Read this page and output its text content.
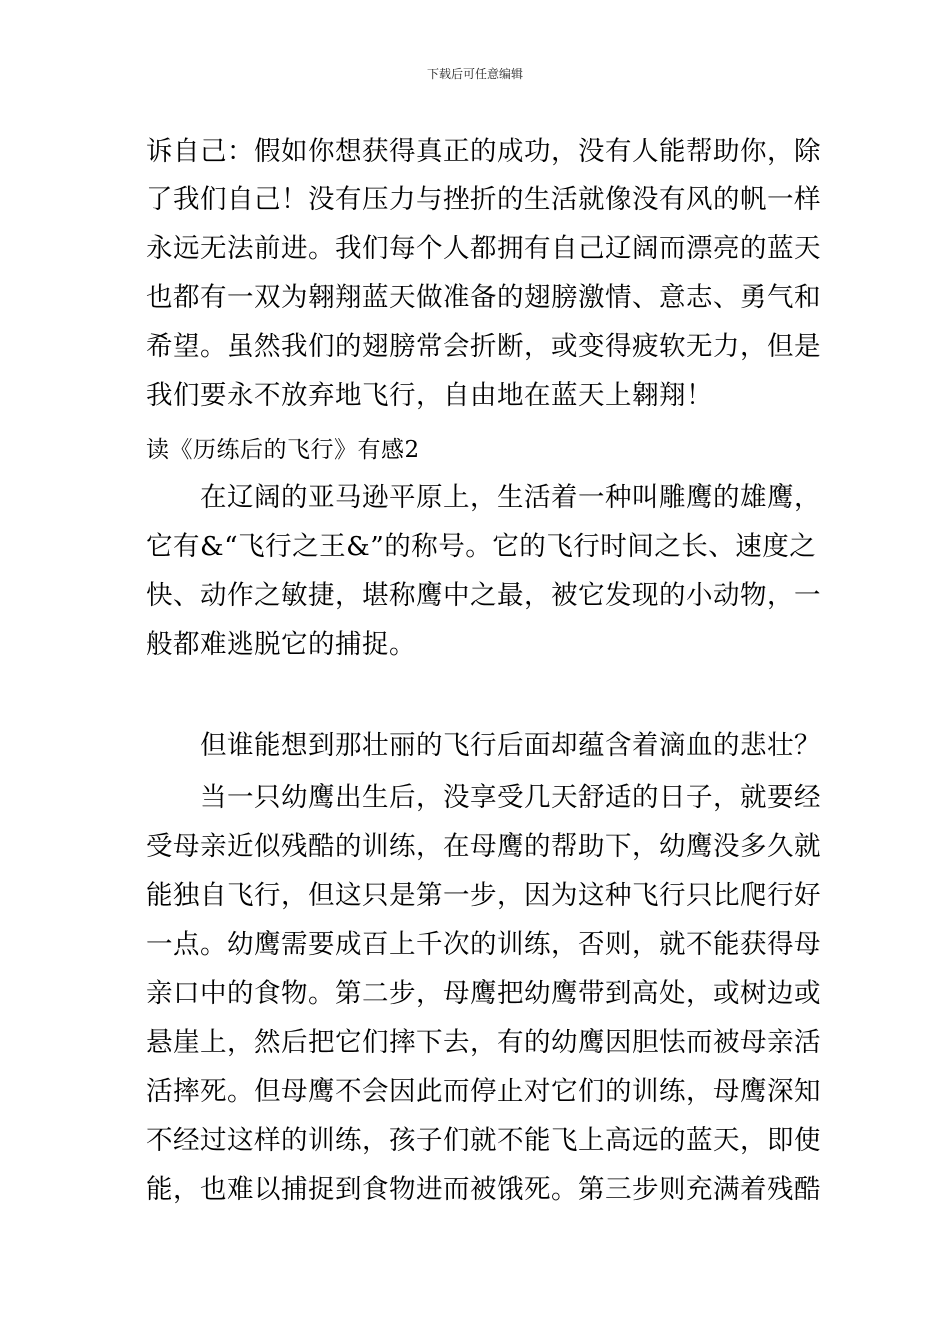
下载后可任意编辑
诉自己：假如你想获得真正的成功，没有人能帮助你，除
了我们自己！没有压力与挫折的生活就像没有风的帆一样
永远无法前进。我们每个人都拥有自己辽阔而漂亮的蓝天
也都有一双为翱翔蓝天做准备的翅膀激情、意志、勇气和
希望。虽然我们的翅膀常会折断，或变得疲软无力，但是
我们要永不放弃地飞行，自由地在蓝天上翱翔！
读《历练后的飞行》有感2
　　在辽阔的亚马逊平原上，生活着一种叫雕鹰的雄鹰，
它有&“飞行之王&”的称号。它的飞行时间之长、速度之
快、动作之敏捷，堪称鹰中之最，被它发现的小动物，一
般都难逃脱它的捕捉。
　　但谁能想到那壮丽的飞行后面却蕴含着滴血的悲壮？
　　当一只幼鹰出生后，没享受几天舒适的日子，就要经
受母亲近似残酷的训练，在母鹰的帮助下，幼鹰没多久就
能独自飞行，但这只是第一步，因为这种飞行只比爬行好
一点。幼鹰需要成百上千次的训练，否则，就不能获得母
亲口中的食物。第二步，母鹰把幼鹰带到高处，或树边或
悬崖上，然后把它们摔下去，有的幼鹰因胆怯而被母亲活
活摔死。但母鹰不会因此而停止对它们的训练，母鹰深知
不经过这样的训练，孩子们就不能飞上高远的蓝天，即使
能，也难以捕捉到食物进而被饿死。第三步则充满着残酷
